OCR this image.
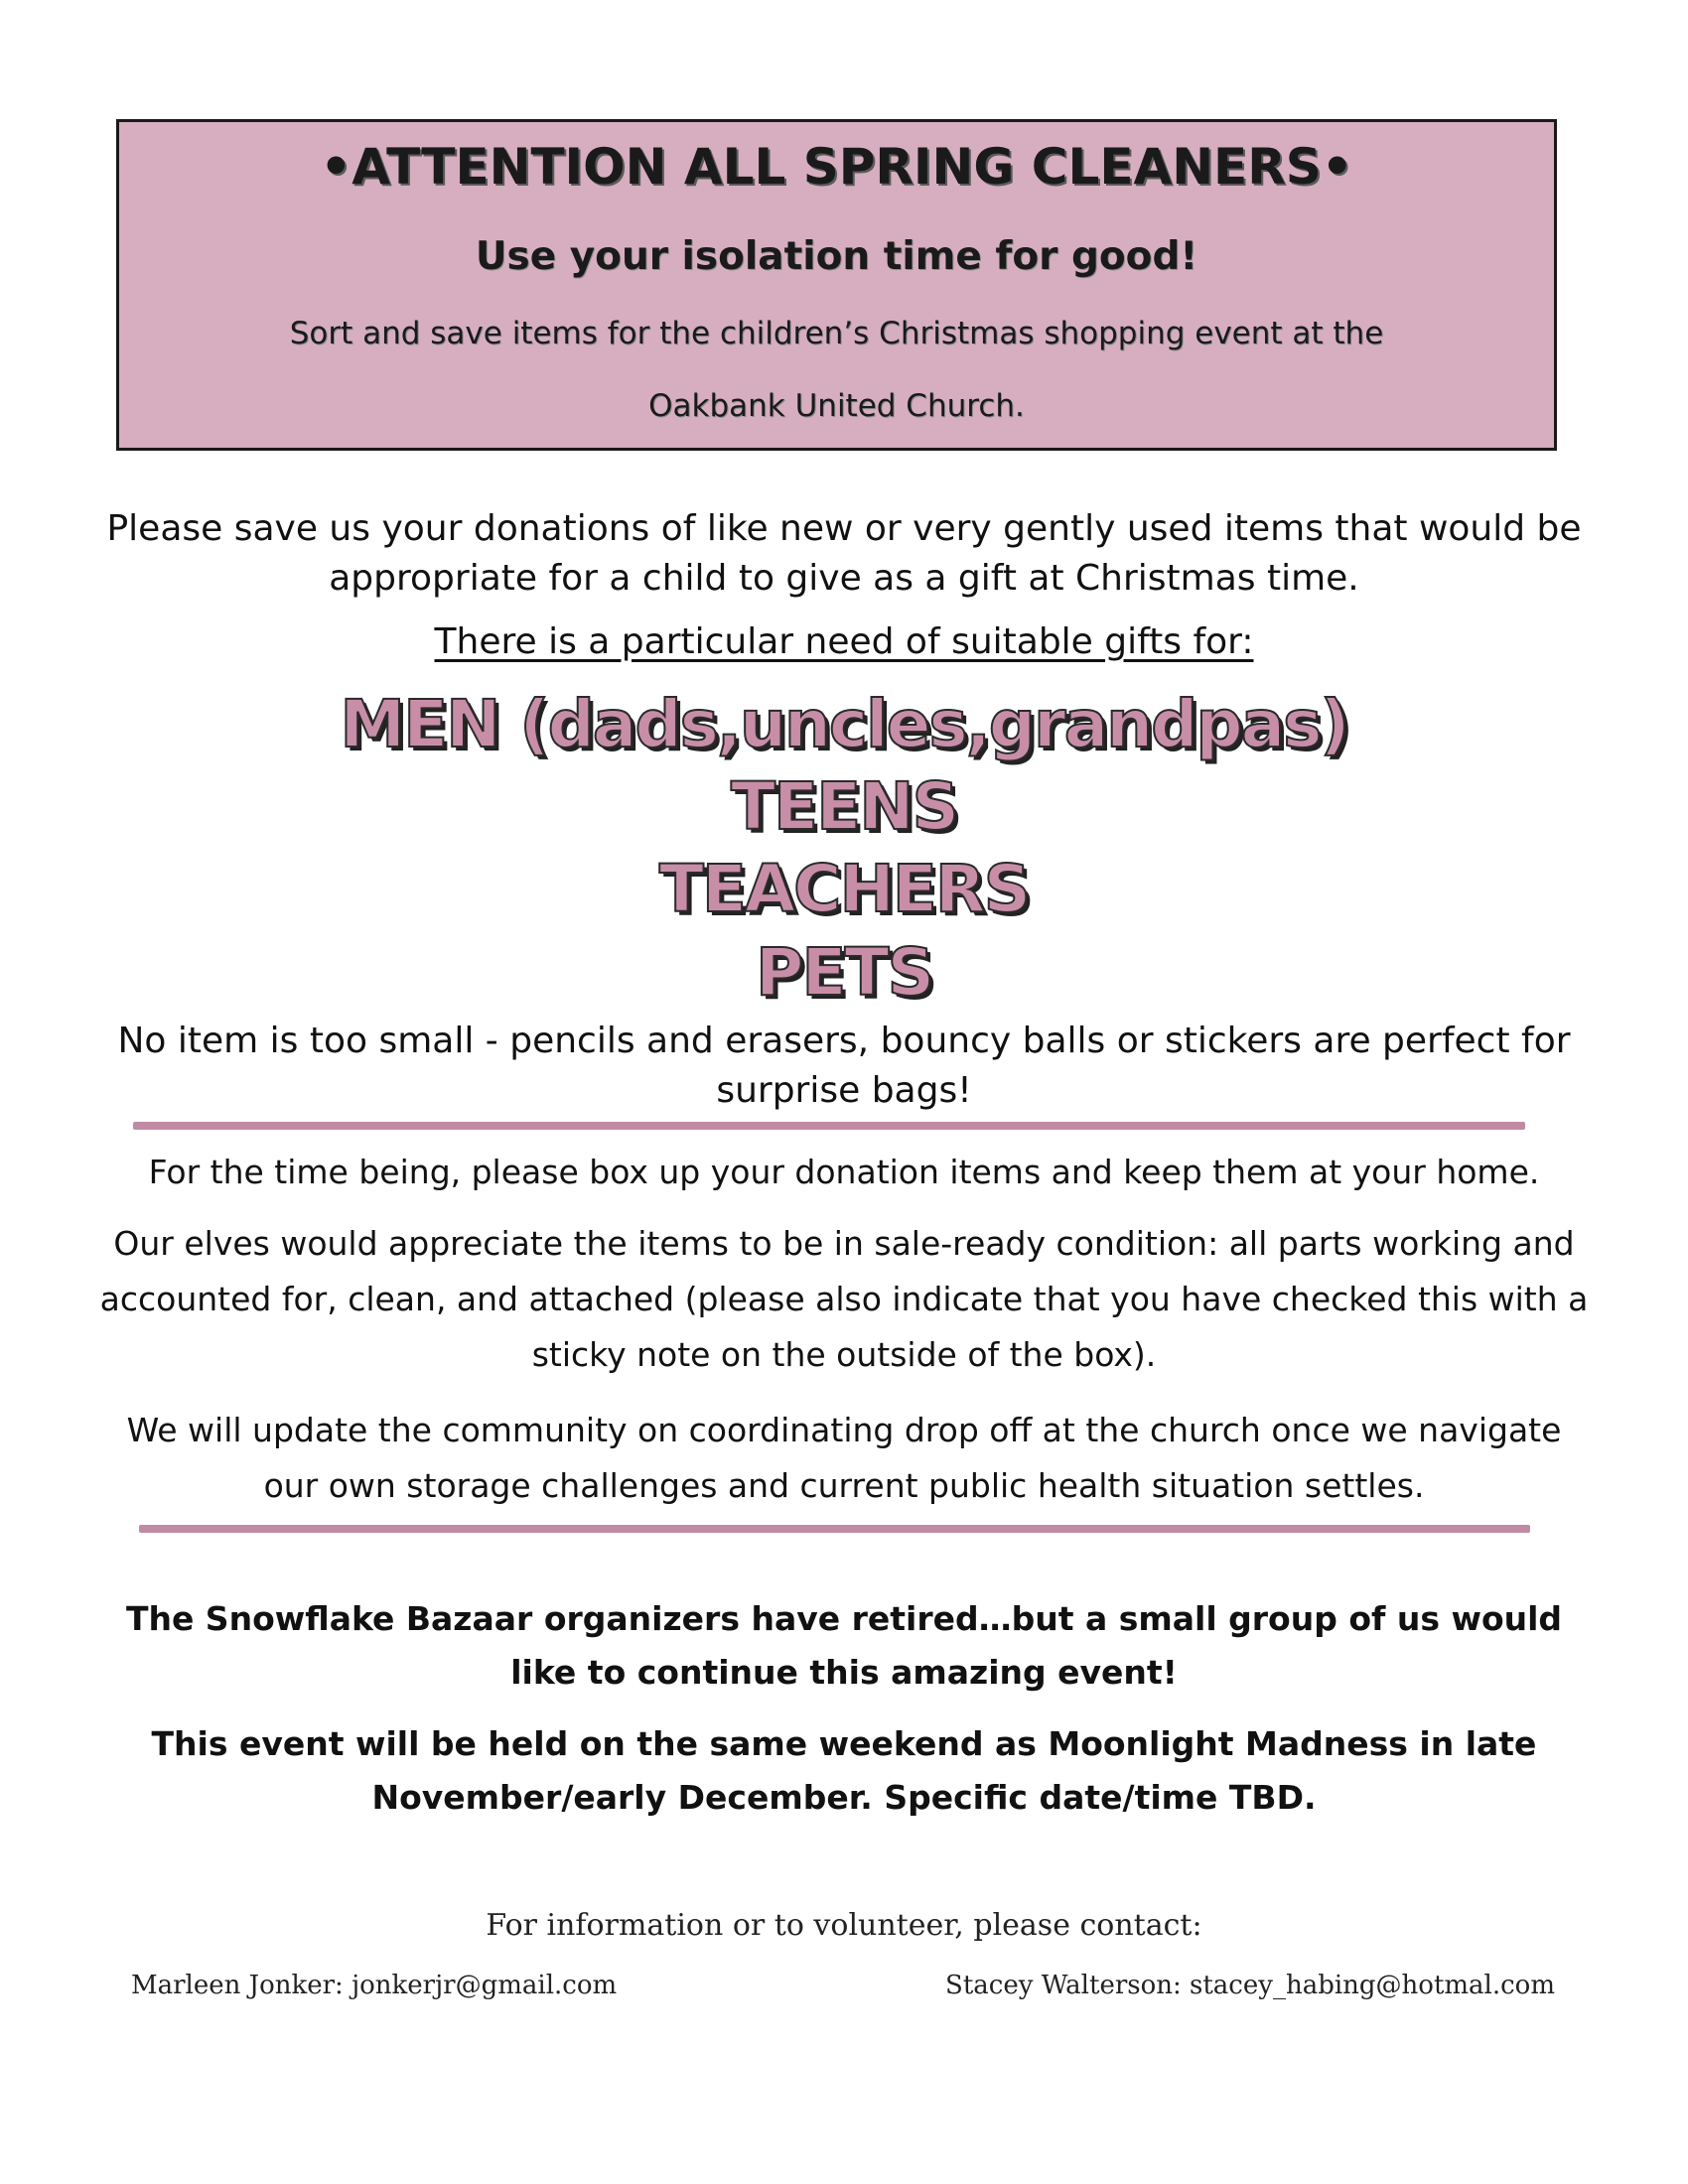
•ATTENTION ALL SPRING CLEANERS•
Use your isolation time for good!
Sort and save items for the children’s Christmas shopping event at the
Oakbank United Church.
Please save us your donations of like new or very gently used items that would be appropriate for a child to give as a gift at Christmas time.
There is a particular need of suitable gifts for:
MEN (dads,uncles,grandpas)
TEENS
TEACHERS
PETS
No item is too small - pencils and erasers, bouncy balls or stickers are perfect for surprise bags!
For the time being, please box up your donation items and keep them at your home.
Our elves would appreciate the items to be in sale-ready condition: all parts working and accounted for, clean, and attached (please also indicate that you have checked this with a sticky note on the outside of the box).
We will update the community on coordinating drop off at the church once we navigate our own storage challenges and current public health situation settles.
The Snowflake Bazaar organizers have retired…but a small group of us would like to continue this amazing event!
This event will be held on the same weekend as Moonlight Madness in late November/early December. Specific date/time TBD.
For information or to volunteer, please contact:
Marleen Jonker: jonkerjr@gmail.com	Stacey Walterson: stacey_habing@hotmal.com
